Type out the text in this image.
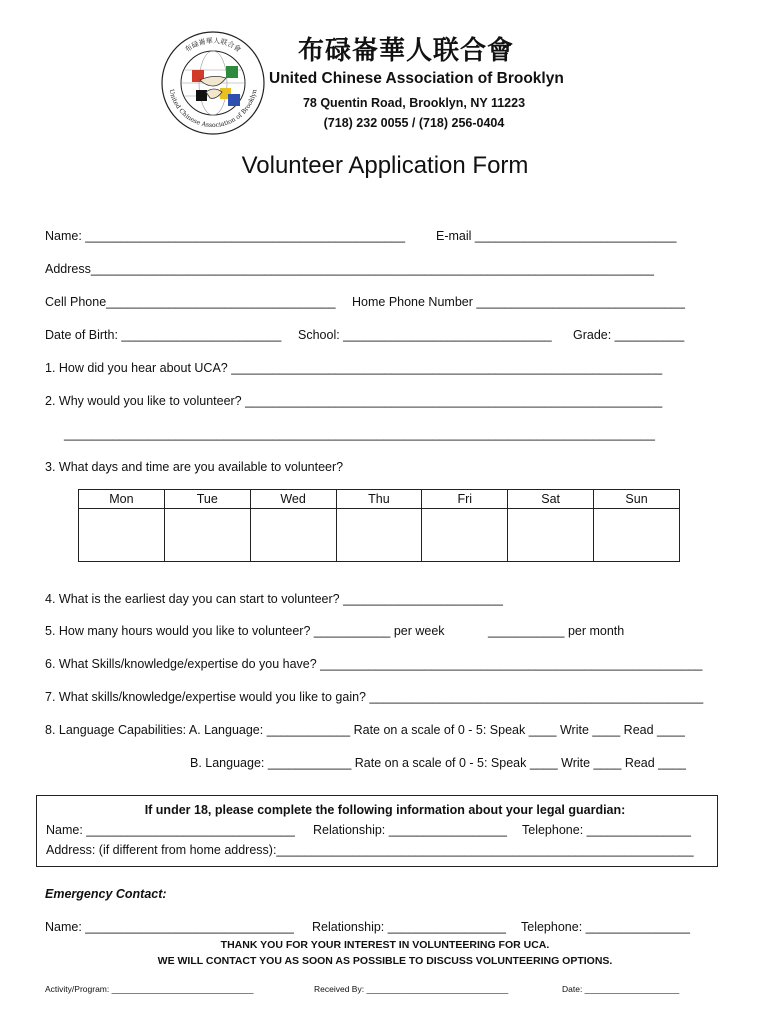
布碌崙華人联合會
United Chinese Association of Brooklyn
布碌崙華人联合會
United Chinese Association of Brooklyn
78 Quentin Road, Brooklyn, NY 11223
(718) 232 0055 / (718) 256-0404
Volunteer Application Form
Name: ______________________________________________ E-mail _____________________________
Address_________________________________________________________________________________
Cell Phone_________________________________ Home Phone Number ______________________________
Date of Birth: _______________________ School: ______________________________ Grade: __________
1. How did you hear about UCA? ______________________________________________________________
2. Why would you like to volunteer? ____________________________________________________________
_____________________________________________________________________________________
3. What days and time are you available to volunteer?
Mon	Tue	Wed	Thu	Fri	Sat	Sun

4. What is the earliest day you can start to volunteer? _______________________
5. How many hours would you like to volunteer? ___________ per week	___________ per month
6. What Skills/knowledge/expertise do you have? _______________________________________________________
7. What skills/knowledge/expertise would you like to gain? ________________________________________________
8. Language Capabilities: A. Language: ____________ Rate on a scale of 0 - 5: Speak ____ Write ____ Read ____
B. Language: ____________ Rate on a scale of 0 - 5: Speak ____ Write ____ Read ____
If under 18, please complete the following information about your legal guardian:
Name: ______________________________ Relationship: _________________ Telephone: _______________
Address: (if different from home address):____________________________________________________________
Emergency Contact:
Name: ______________________________ Relationship: _________________ Telephone: _______________
THANK YOU FOR YOUR INTEREST IN VOLUNTEERING FOR UCA.
WE WILL CONTACT YOU AS SOON AS POSSIBLE TO DISCUSS VOLUNTEERING OPTIONS.
Activity/Program: ______________________________	Received By: ______________________________	Date: ____________________
